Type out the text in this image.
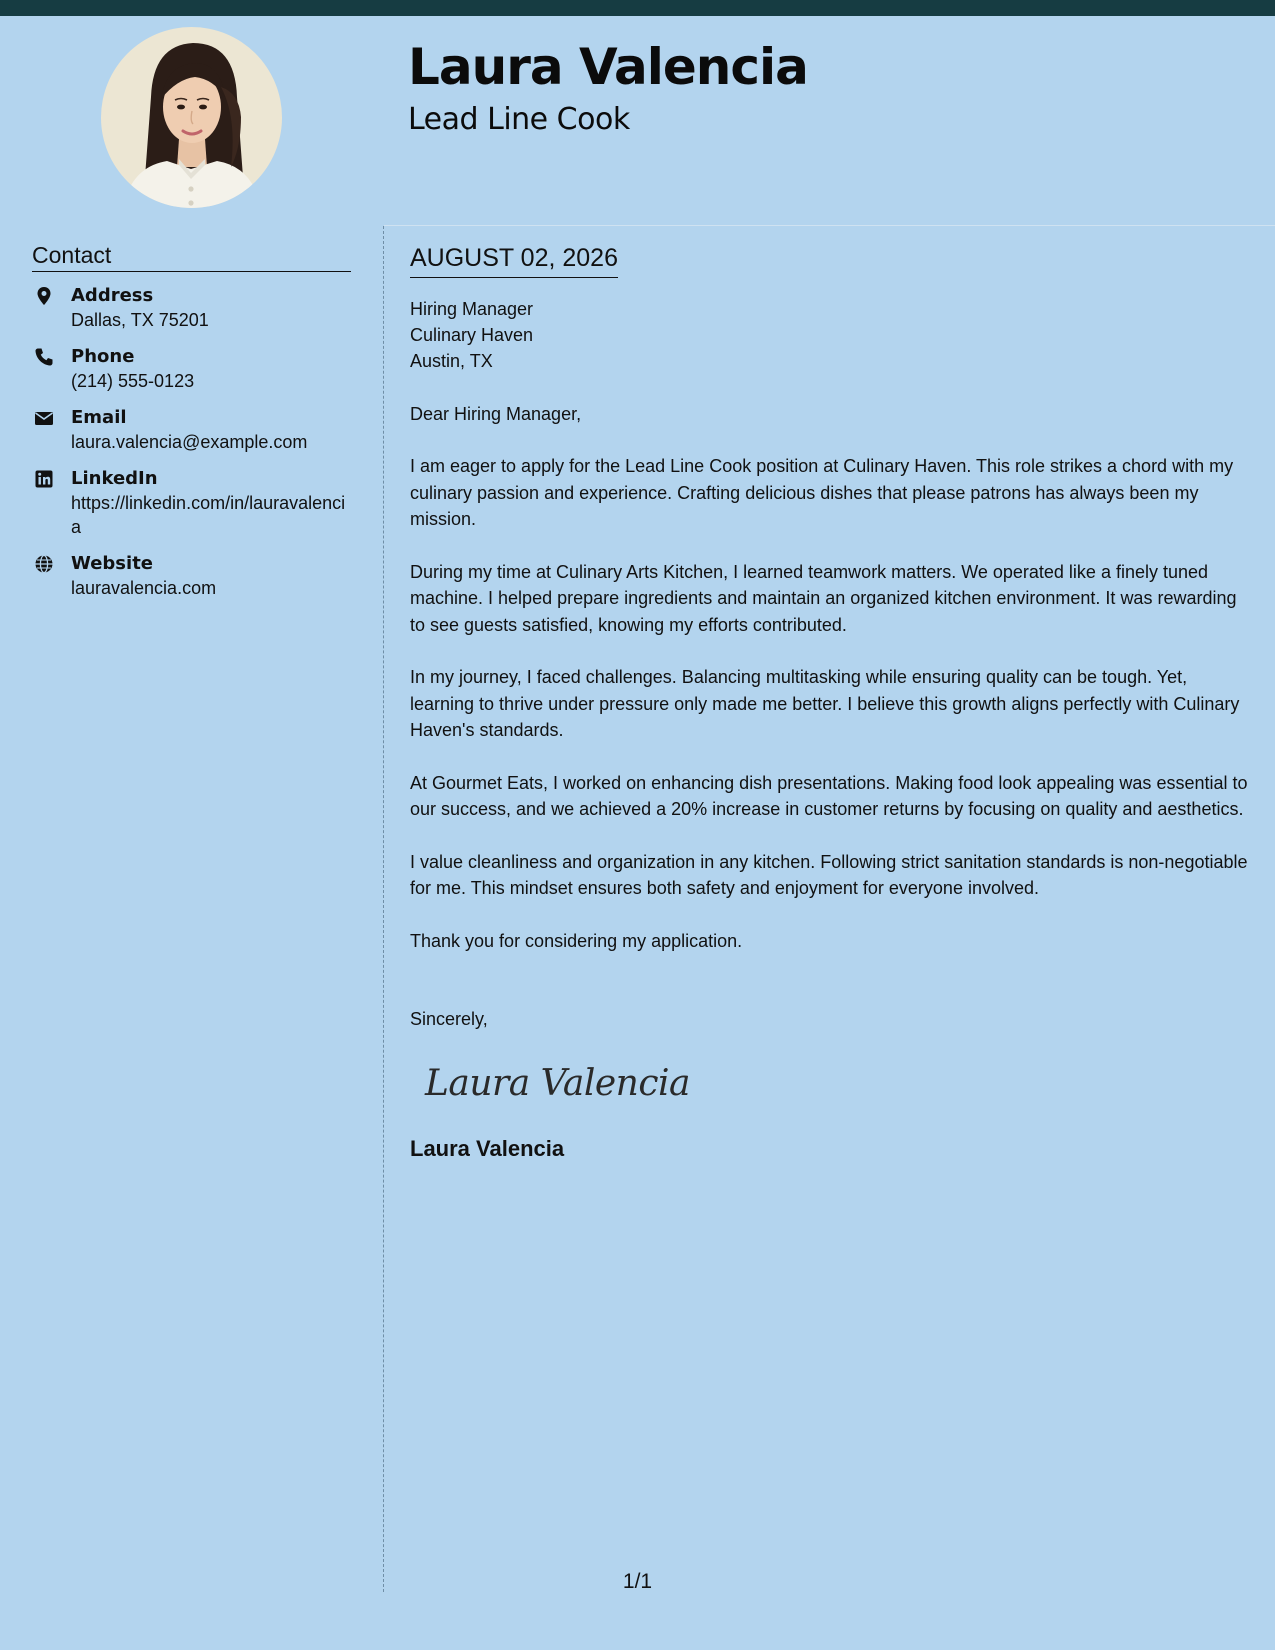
Laura Valencia
Lead Line Cook
Contact
Address
Dallas, TX 75201
Phone
(214) 555-0123
Email
laura.valencia@example.com
LinkedIn
https://linkedin.com/in/lauravalencia
Website
lauravalencia.com
AUGUST 02, 2026
Hiring Manager
Culinary Haven
Austin, TX
Dear Hiring Manager,
I am eager to apply for the Lead Line Cook position at Culinary Haven. This role strikes a chord with my culinary passion and experience. Crafting delicious dishes that please patrons has always been my mission.
During my time at Culinary Arts Kitchen, I learned teamwork matters. We operated like a finely tuned machine. I helped prepare ingredients and maintain an organized kitchen environment. It was rewarding to see guests satisfied, knowing my efforts contributed.
In my journey, I faced challenges. Balancing multitasking while ensuring quality can be tough. Yet, learning to thrive under pressure only made me better. I believe this growth aligns perfectly with Culinary Haven's standards.
At Gourmet Eats, I worked on enhancing dish presentations. Making food look appealing was essential to our success, and we achieved a 20% increase in customer returns by focusing on quality and aesthetics.
I value cleanliness and organization in any kitchen. Following strict sanitation standards is non-negotiable for me. This mindset ensures both safety and enjoyment for everyone involved.
Thank you for considering my application.
Sincerely,
Laura Valencia
Laura Valencia
1/1
